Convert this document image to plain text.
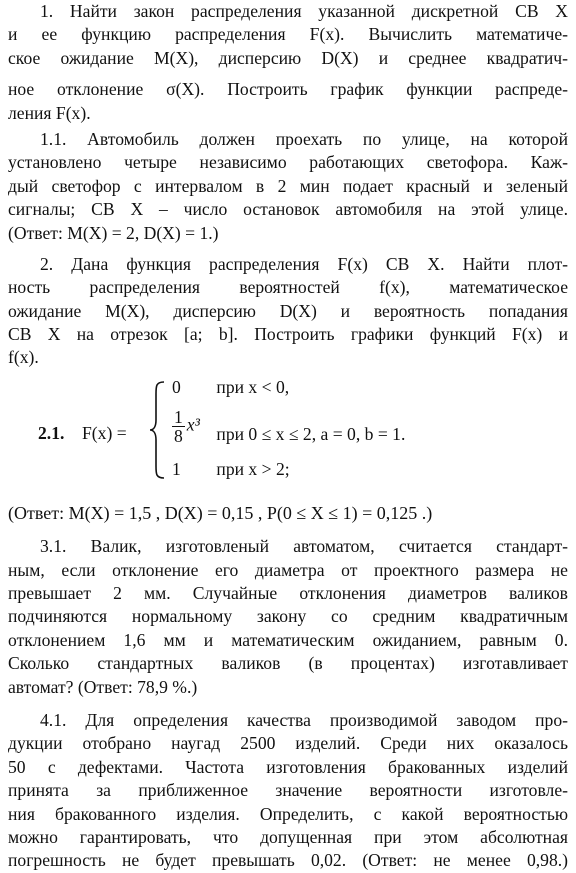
1. Найти закон распределения указанной дискретной СВ X
и ее функцию распределения F(x). Вычислить математиче-
ское ожидание M(X), дисперсию D(X) и среднее квадратич-
ное отклонение σ(X). Построить график функции распреде-
ления F(x).
1.1. Автомобиль должен проехать по улице, на которой
установлено четыре независимо работающих светофора. Каж-
дый светофор с интервалом в 2 мин подает красный и зеленый
сигналы; СВ X – число остановок автомобиля на этой улице.
(Ответ: M(X) = 2, D(X) = 1.)
2. Дана функция распределения F(x) СВ X. Найти плот-
ность распределения вероятностей f(x), математическое
ожидание M(X), дисперсию D(X) и вероятность попадания
СВ X на отрезок [a; b]. Построить графики функций F(x) и
f(x).
2.1. F(x) =
0 при x < 0,
$\frac{1}{8} x^3$ при 0 ≤ x ≤ 2, a = 0, b = 1.
1 при x > 2;
(Ответ: M(X) = 1,5 , D(X) = 0,15 , P(0 ≤ X ≤ 1) = 0,125 .)
3.1. Валик, изготовленый автоматом, считается стандарт-
ным, если отклонение его диаметра от проектного размера не
превышает 2 мм. Случайные отклонения диаметров валиков
подчиняются нормальному закону со средним квадратичным
отклонением 1,6 мм и математическим ожиданием, равным 0.
Сколько стандартных валиков (в процентах) изготавливает
автомат? (Ответ: 78,9 %.)
4.1. Для определения качества производимой заводом про-
дукции отобрано наугад 2500 изделий. Среди них оказалось
50 с дефектами. Частота изготовления бракованных изделий
принята за приближенное значение вероятности изготовле-
ния бракованного изделия. Определить, с какой вероятностью
можно гарантировать, что допущенная при этом абсолютная
погрешность не будет превышать 0,02. (Ответ: не менее 0,98.)
